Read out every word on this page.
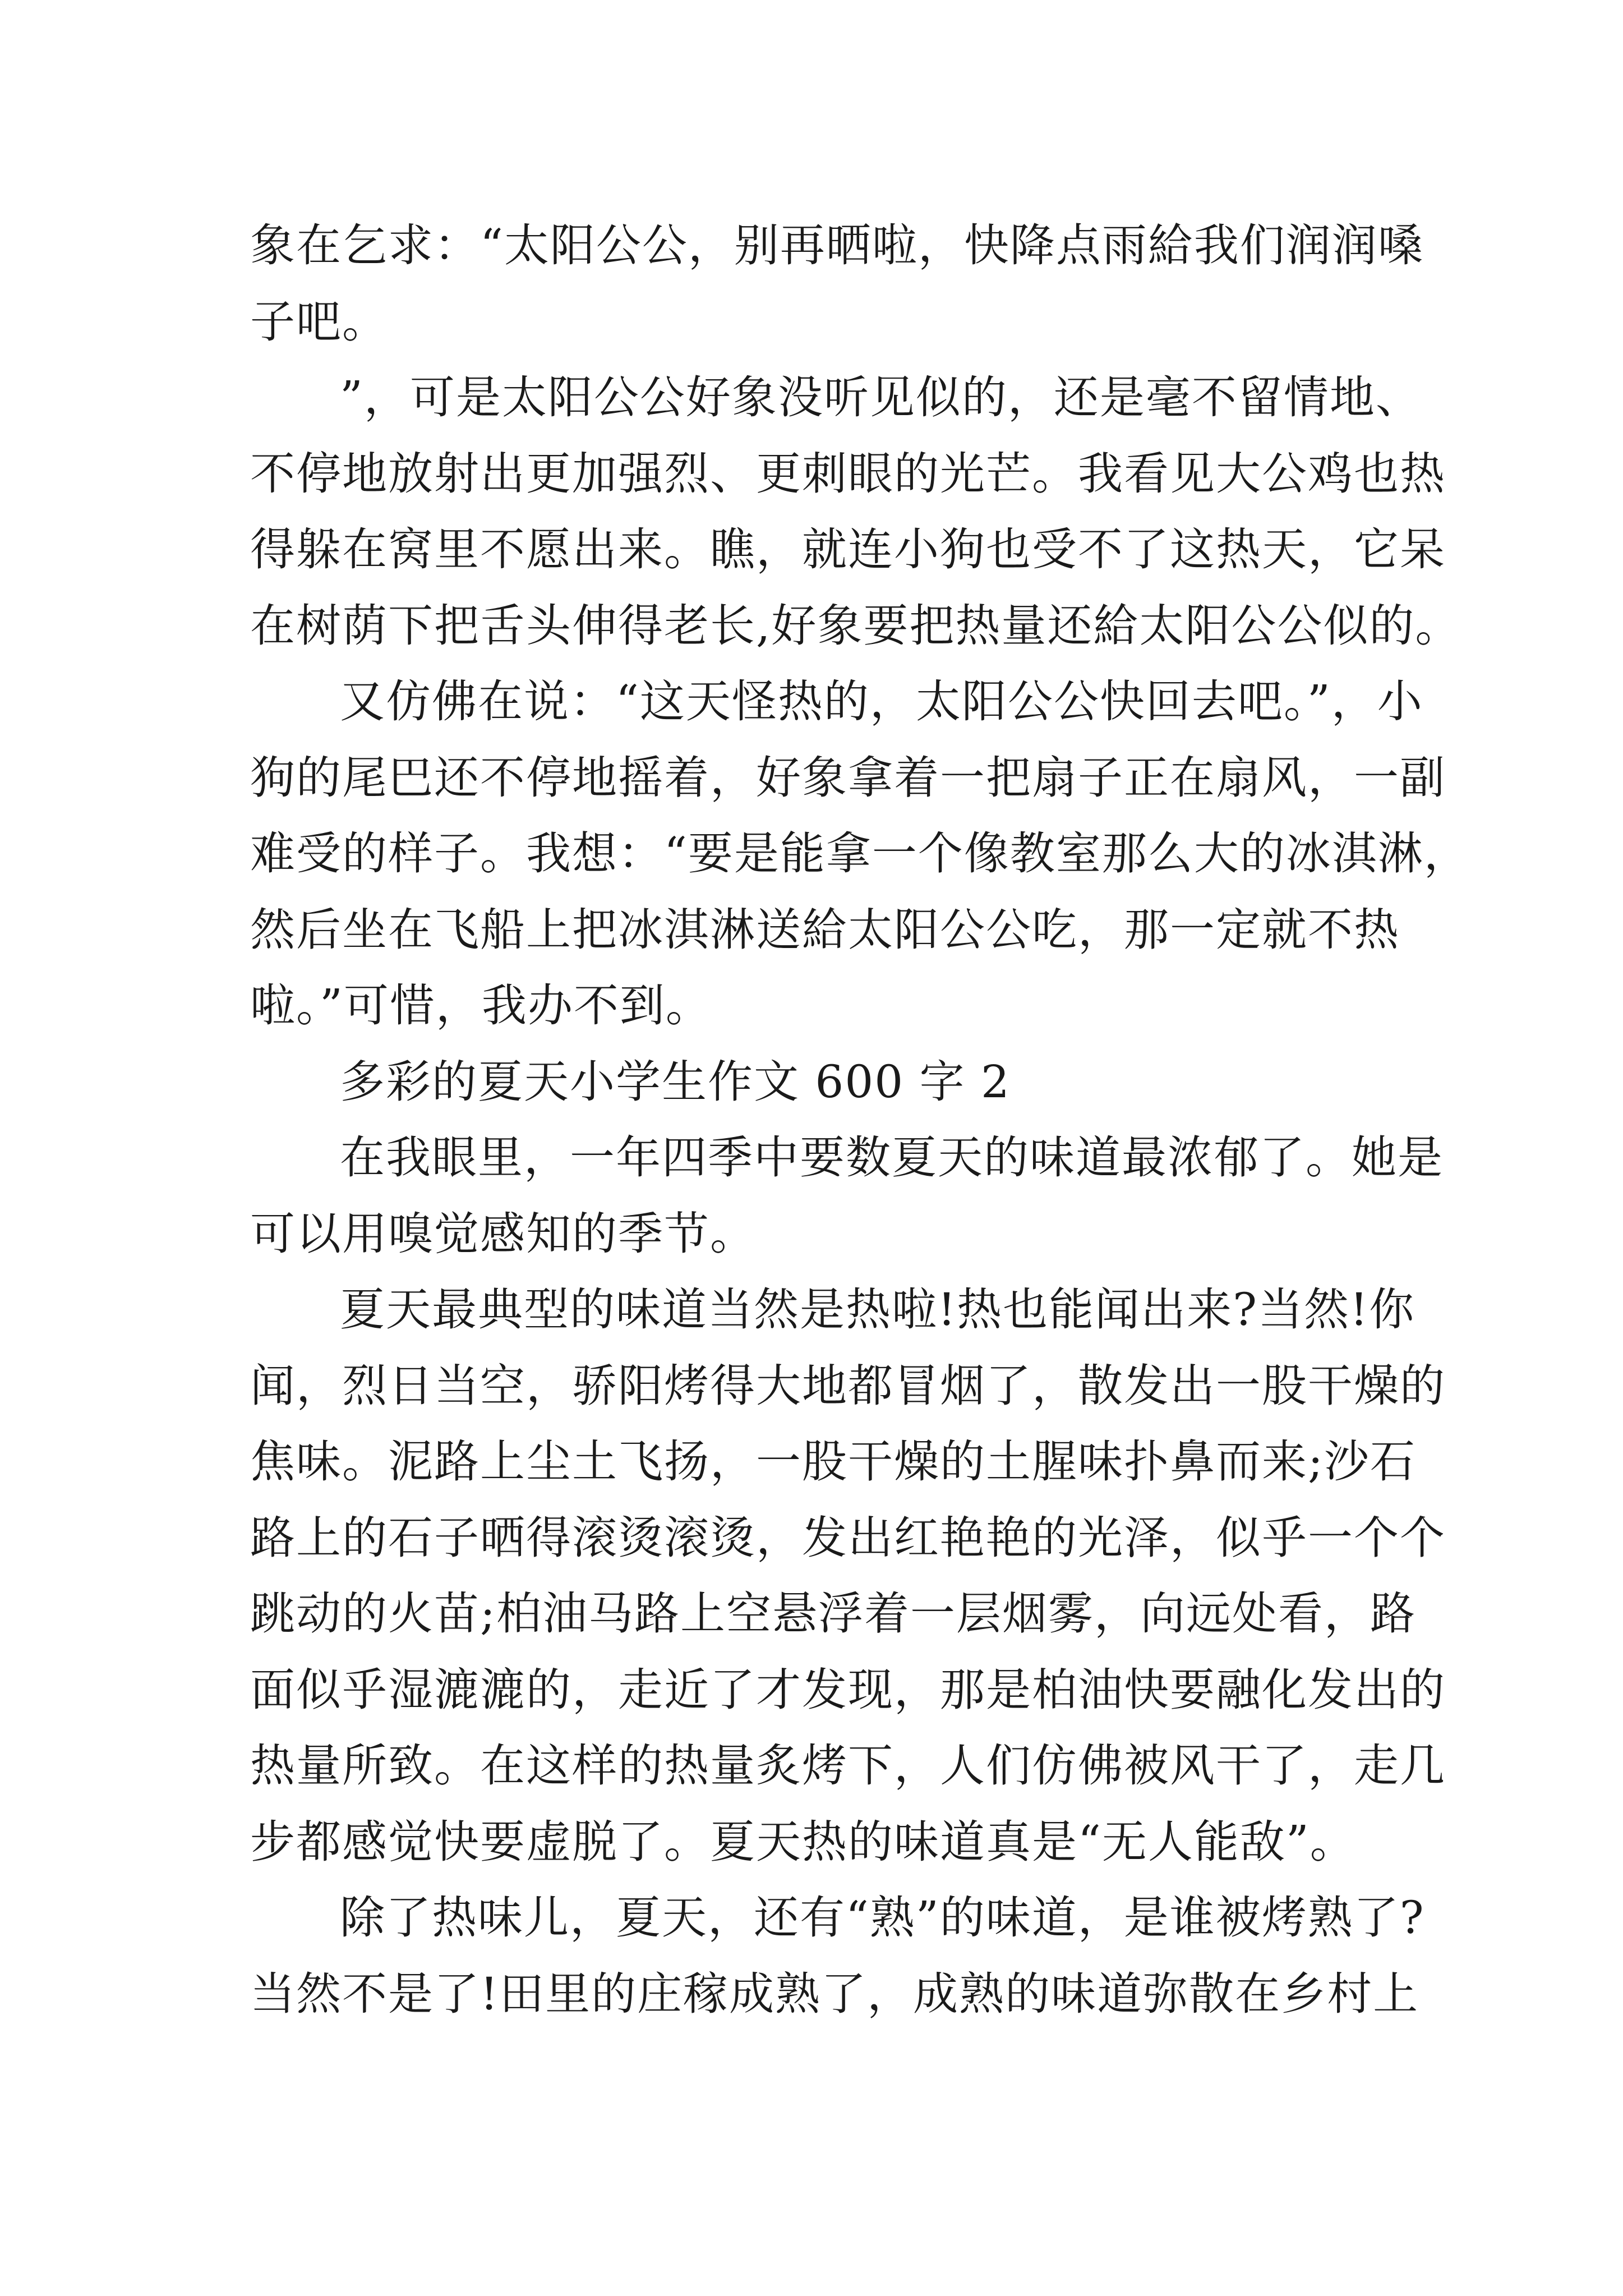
象在乞求：“太阳公公，别再晒啦，快降点雨給我们润润嗓
子吧。
”，可是太阳公公好象没听见似的，还是毫不留情地、
不停地放射出更加强烈、更刺眼的光芒。我看见大公鸡也热
得躲在窝里不愿出来。瞧，就连小狗也受不了这热天，它呆
在树荫下把舌头伸得老长,好象要把热量还給太阳公公似的。
又仿佛在说：“这天怪热的，太阳公公快回去吧。”，小
狗的尾巴还不停地摇着，好象拿着一把扇子正在扇风，一副
难受的样子。我想：“要是能拿一个像教室那么大的冰淇淋，
然后坐在飞船上把冰淇淋送給太阳公公吃，那一定就不热
啦。”可惜，我办不到。
多彩的夏天小学生作文 600 字 2
在我眼里，一年四季中要数夏天的味道最浓郁了。她是
可以用嗅觉感知的季节。
夏天最典型的味道当然是热啦!热也能闻出来?当然!你
闻，烈日当空，骄阳烤得大地都冒烟了，散发出一股干燥的
焦味。泥路上尘土飞扬，一股干燥的土腥味扑鼻而来;沙石
路上的石子晒得滚烫滚烫，发出红艳艳的光泽，似乎一个个
跳动的火苗;柏油马路上空悬浮着一层烟雾，向远处看，路
面似乎湿漉漉的，走近了才发现，那是柏油快要融化发出的
热量所致。在这样的热量炙烤下，人们仿佛被风干了，走几
步都感觉快要虚脱了。夏天热的味道真是“无人能敌”。
除了热味儿，夏天，还有“熟”的味道，是谁被烤熟了?
当然不是了!田里的庄稼成熟了，成熟的味道弥散在乡村上
